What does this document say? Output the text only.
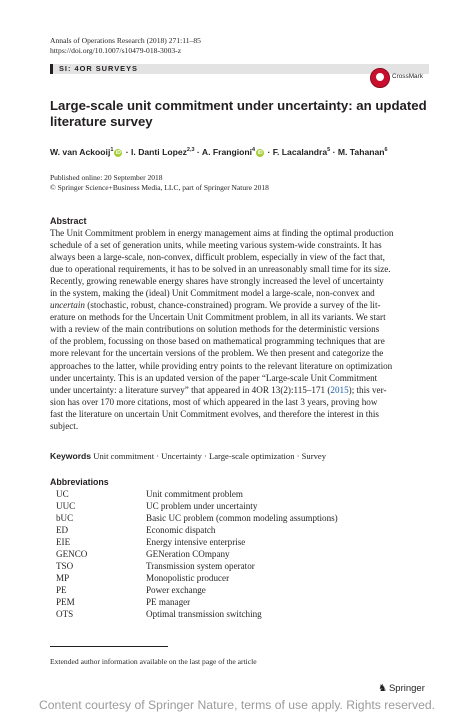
Annals of Operations Research (2018) 271:11–85
https://doi.org/10.1007/s10479-018-3003-z
SI: 4OR SURVEYS
CrossMark
Large-scale unit commitment under uncertainty: an updated literature survey
W. van Ackooij$^1$ iD · I. Danti Lopez$^{2,3}$ · A. Frangioni$^4$ iD · F. Lacalandra$^5$ · M. Tahanan$^6$
Published online: 20 September 2018
© Springer Science+Business Media, LLC, part of Springer Nature 2018
Abstract
The Unit Commitment problem in energy management aims at finding the optimal production
schedule of a set of generation units, while meeting various system-wide constraints. It has
always been a large-scale, non-convex, difficult problem, especially in view of the fact that,
due to operational requirements, it has to be solved in an unreasonably small time for its size.
Recently, growing renewable energy shares have strongly increased the level of uncertainty
in the system, making the (ideal) Unit Commitment model a large-scale, non-convex and
uncertain (stochastic, robust, chance-constrained) program. We provide a survey of the lit-
erature on methods for the Uncertain Unit Commitment problem, in all its variants. We start
with a review of the main contributions on solution methods for the deterministic versions
of the problem, focussing on those based on mathematical programming techniques that are
more relevant for the uncertain versions of the problem. We then present and categorize the
approaches to the latter, while providing entry points to the relevant literature on optimization
under uncertainty. This is an updated version of the paper “Large-scale Unit Commitment
under uncertainty: a literature survey” that appeared in 4OR 13(2):115–171 (2015); this ver-
sion has over 170 more citations, most of which appeared in the last 3 years, proving how
fast the literature on uncertain Unit Commitment evolves, and therefore the interest in this
subject.
Keywords Unit commitment · Uncertainty · Large-scale optimization · Survey
Abbreviations
UC	Unit commitment problem
UUC	UC problem under uncertainty
bUC	Basic UC problem (common modeling assumptions)
ED	Economic dispatch
EIE	Energy intensive enterprise
GENCO	GENeration COmpany
TSO	Transmission system operator
MP	Monopolistic producer
PE	Power exchange
PEM	PE manager
OTS	Optimal transmission switching
Extended author information available on the last page of the article
♞ Springer
Content courtesy of Springer Nature, terms of use apply. Rights reserved.
